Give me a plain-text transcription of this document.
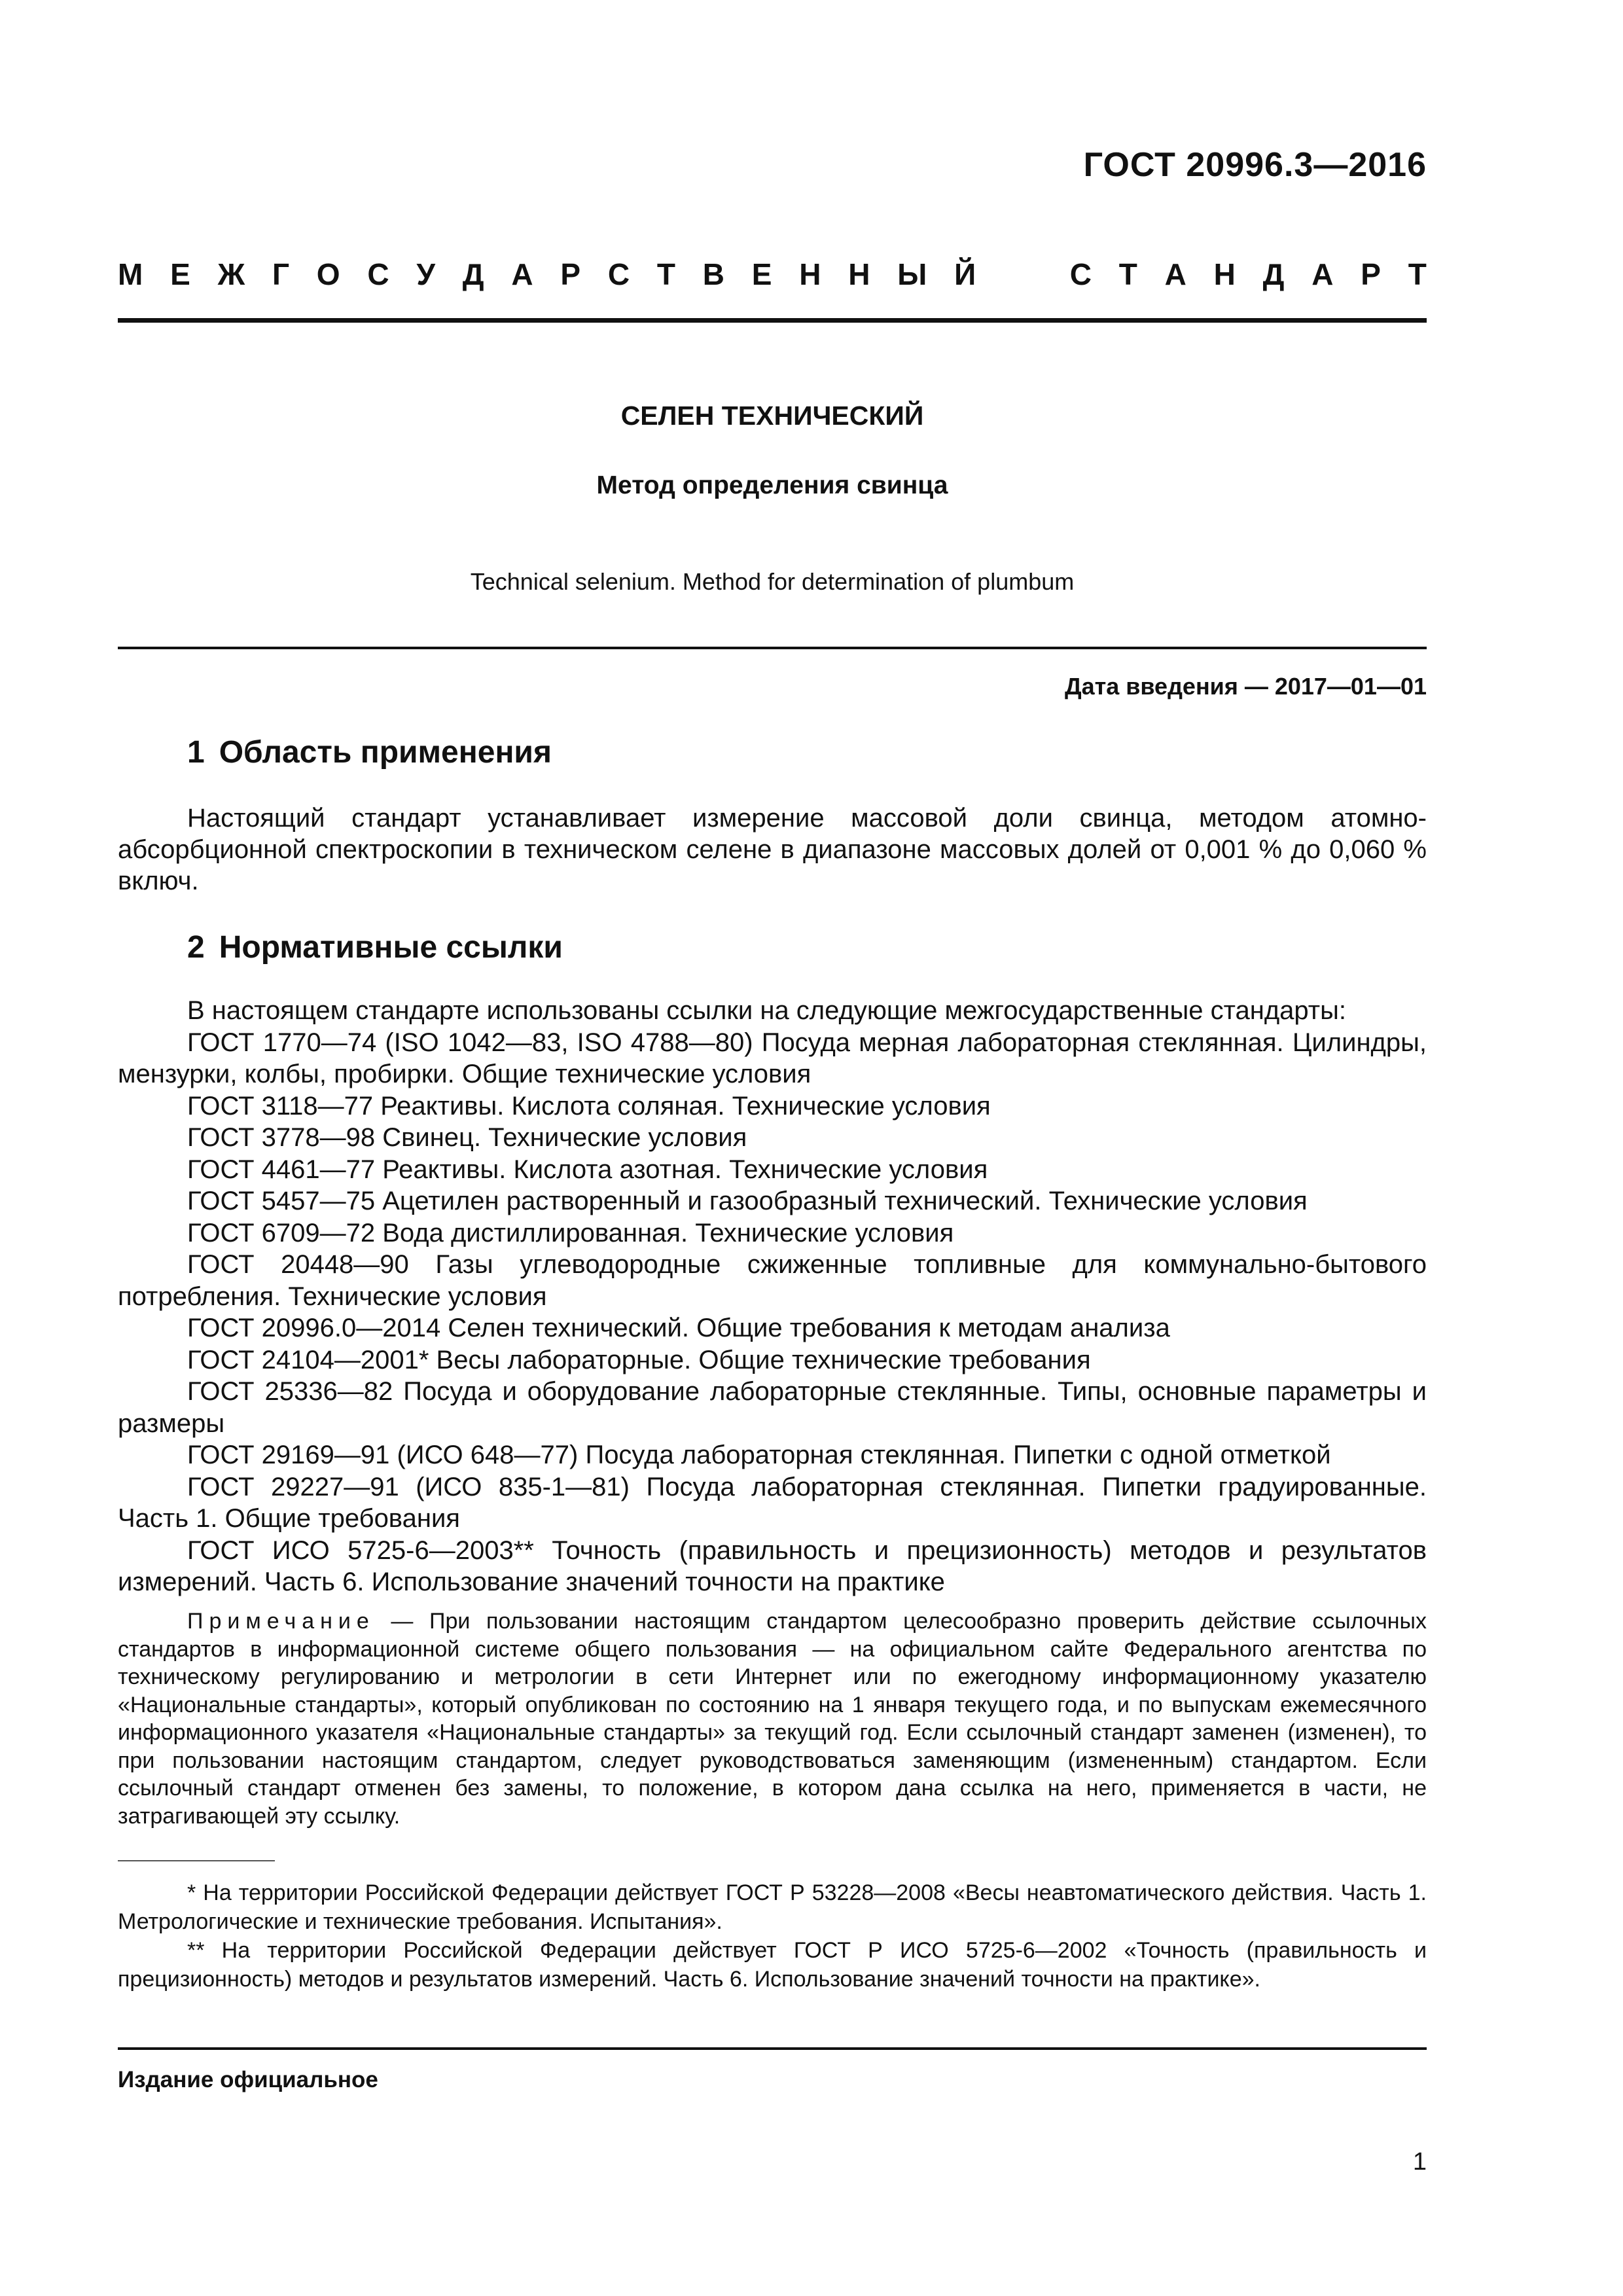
ГОСТ 20996.3—2016
М Е Ж Г О С У Д А Р С Т В Е Н Н Ы Й	С Т А Н Д А Р Т
СЕЛЕН ТЕХНИЧЕСКИЙ
Метод определения свинца
Technical selenium. Method for determination of plumbum
Дата введения — 2017—01—01
1 Область применения
Настоящий стандарт устанавливает измерение массовой доли свинца, методом атомно-абсорбционной спектроскопии в техническом селене в диапазоне массовых долей от 0,001 % до 0,060 % включ.
2 Нормативные ссылки

В настоящем стандарте использованы ссылки на следующие межгосударственные стандарты:

ГОСТ 1770—74 (ISO 1042—83, ISO 4788—80) Посуда мерная лабораторная стеклянная. Цилиндры, мензурки, колбы, пробирки. Общие технические условия

ГОСТ 3118—77 Реактивы. Кислота соляная. Технические условия

ГОСТ 3778—98 Свинец. Технические условия

ГОСТ 4461—77 Реактивы. Кислота азотная. Технические условия

ГОСТ 5457—75 Ацетилен растворенный и газообразный технический. Технические условия

ГОСТ 6709—72 Вода дистиллированная. Технические условия

ГОСТ 20448—90 Газы углеводородные сжиженные топливные для коммунально-бытового потребления. Технические условия

ГОСТ 20996.0—2014 Селен технический. Общие требования к методам анализа

ГОСТ 24104—2001* Весы лабораторные. Общие технические требования

ГОСТ 25336—82 Посуда и оборудование лабораторные стеклянные. Типы, основные параметры и размеры

ГОСТ 29169—91 (ИСО 648—77) Посуда лабораторная стеклянная. Пипетки с одной отметкой

ГОСТ 29227—91 (ИСО 835-1—81) Посуда лабораторная стеклянная. Пипетки градуированные. Часть 1. Общие требования

ГОСТ ИСО 5725-6—2003** Точность (правильность и прецизионность) методов и результатов измерений. Часть 6. Использование значений точности на практике

Примечание — При пользовании настоящим стандартом целесообразно проверить действие ссылочных стандартов в информационной системе общего пользования — на официальном сайте Федерального агентства по техническому регулированию и метрологии в сети Интернет или по ежегодному информационному указателю «Национальные стандарты», который опубликован по состоянию на 1 января текущего года, и по выпускам ежемесячного информационного указателя «Национальные стандарты» за текущий год. Если ссылочный стандарт заменен (изменен), то при пользовании настоящим стандартом, следует руководствоваться заменяющим (измененным) стандартом. Если ссылочный стандарт отменен без замены, то положение, в котором дана ссылка на него, применяется в части, не затрагивающей эту ссылку.

* На территории Российской Федерации действует ГОСТ Р 53228—2008 «Весы неавтоматического действия. Часть 1. Метрологические и технические требования. Испытания».

** На территории Российской Федерации действует ГОСТ Р ИСО 5725-6—2002 «Точность (правильность и прецизионность) методов и результатов измерений. Часть 6. Использование значений точности на практике».

Издание официальное
1
